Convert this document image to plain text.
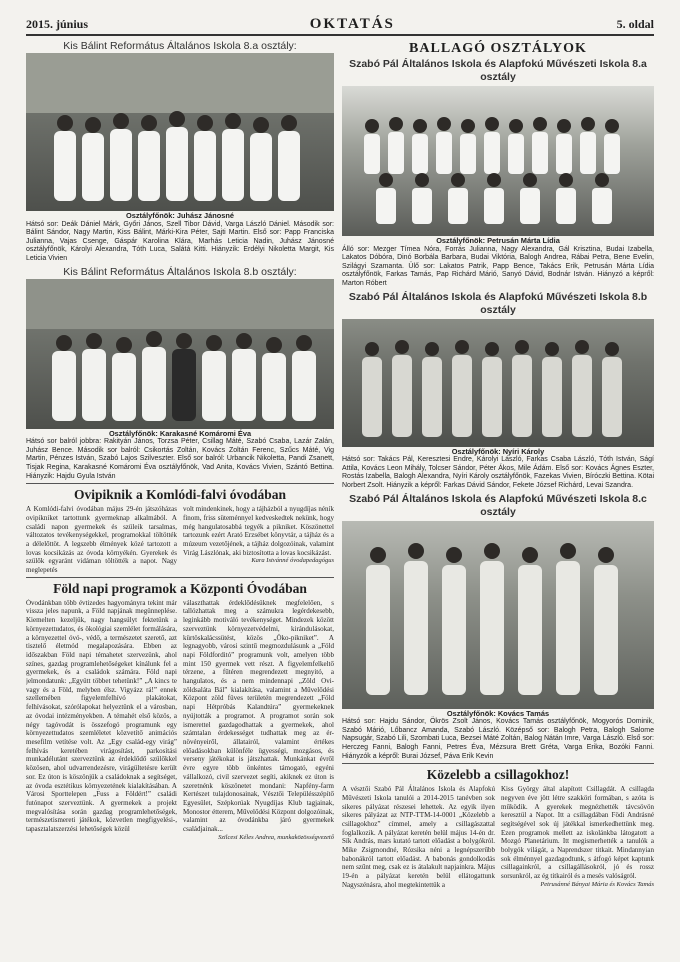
2015. június	OKTATÁS	5. oldal

Kis Bálint Református Általános Iskola 8.a osztály:

Osztályfőnök: Juhász Jánosné
Hátsó sor: Deák Dániel Márk, Győri János, Szell Tibor Dávid, Varga László Dániel. Második sor: Bálint Sándor, Nagy Martin, Kiss Bálint, Márki-Kira Péter, Sajti Martin. Első sor: Papp Franciska Julianna, Vajas Csenge, Gáspár Karolina Klára, Marhás Leticia Nadin, Juhász Jánosné osztályfőnök, Károlyi Alexandra, Tóth Luca, Salátá Kitti. Hiányzik: Erdélyi Nikoletta Margit, Kis Leticia Vivien

Kis Bálint Református Általános Iskola 8.b osztály:

Osztályfőnök: Karakasné Komáromi Éva
Hátsó sor balról jobbra: Rakityán János, Torzsa Péter, Csillag Máté, Szabó Csaba, Lazár Zalán, Juhász Bence. Második sor balról: Csikortás Zoltán, Kovács Zoltán Ferenc, Szűcs Máté, Vig Martin, Pénzes István, Szabó Lajos Szilveszter. Első sor balról: Urbancik Nikoletta, Pandi Zsanett, Tisjak Regina, Karakasné Komáromi Éva osztályfőnök, Vad Anita, Kovács Vivien, Szántó Bettina. Hiányzik: Hajdu Gyula István

Ovipiknik a Komlódi-falvi óvodában

A Komlódi-falvi óvodában május 29-én játszóházas ovipikniket tartottunk gyermeknap alkalmából. A családi napon gyermekek és szüleik tarsalmas, változatos tevékenységekkel, programokkal töltötték a délelőttöt. A legszebb élmények közé tartozott a lovas kocsikázás az óvoda környékén. Gyerekek és szülők egyaránt vidáman töltötték a napot. Nagy meglepetés

volt mindenkinek, hogy a tájházból a nyugdíjas néník finom, friss süteménnyel kedveskedtek nekünk, hogy még hangulatosabbá tegyék a pikniket. Köszönettel tartozunk ezért Arató Erzsébet könyvtár, a tájház és a múzeum vezetőjének, a tájház dolgozóinak, valamint Virág Lászlónak, aki biztosította a lovas kocsikázást.
Kara Istvánné óvodapedagógus

Föld napi programok a Központi Óvodában

Óvodánkban több évtizedes hagyományra tekint már vissza jeles napunk, a Föld napjának megünneplése. Kiemelten kezeljük, nagy hangsúlyt fektetünk a környezettudatos, és ökológiai szemlélet formálására, a környezettel óvó-, védő, a természetet szerető, azt tisztelő életmód megalapozására. Ebben az időszakban Föld napi témahetet szervezünk, ahol színes, gazdag programlehetőségeket kínálunk fel a gyermekek, és a családok számára. Föld napi jelmondatunk: „Együtt többet tehetünk!” „A kincs te vagy és a Föld, melyben élsz. Vigyázz rá!” ennek szellemében figyelemfelhívó plakátokat, felhívásokat, szórólapokat helyeztünk el a városban, az óvodai intézményekben. A témahét első közös, a négy tagóvodát is összefogó programunk egy környezettudatos szemléletet közvetítő animációs mesefilm vetítése volt. Az „Egy család-egy virág” felhívás keretében virágosítást, parkosítási munkadélutánt szerveztünk az érdeklődő szülőkkel közösen, ahol udvarrendezésre, virágültetésre került sor. Ez úton is köszönjük a családoknak a segítséget, az óvoda esztétikus környezetének kialakításában. A Városi Sportteleрen „Fuss a Földért!” családi futónapot szerveztünk. A gyermekek a projekt megvalósítása során gazdag programlehetőségek, természetismereti játékok, közvetlen megfigyelési-, tapasztalatszerzési lehetőségek közül

választhattak érdeklődésüknek megfelelően, s tallózhattak meg a számukra legérdekesebb, leginkább motiváló tevékenységet. Mindezek között szerveztünk környezetvédelmi, kirándulásokat, kürtöskalácssütést, közös „Öko-pikniket”. A legnagyobb, városi szintű megmozdulásunk a „Föld napi Földforditó” programunk volt, amelyen több mint 150 gyermek vett részt. A figyelemfelkeltő térzene, a fűtéren megrendezett megnyitó, a hangulatos, és a nem mindennapi „Zöld Ovi-zöldsaláta Bál” kialakítása, valamint a Művelődési Központ zöld füves területén megrendezett „Föld napi Hétpróbás Kalandtúra” gyermekeknek nyújtották a programot. A programot során sok ismerettel gazdagodhattak a gyermekek, ahol számtalan érdekességet tudhattak meg az ér- növényeiről, állatairól, valamint értékes előadásokban különféle ügyességi, mozgásos, és verseny játékokat is játszhattak. Munkánkat évről évre egyre több önkéntes támogató, egyéni vállalkozó, civil szervezet segíti, akiknek ez úton is szeretnénk köszönetet mondani: Napfény-farm Kertészet tulajdonosainak, Vésztői Településszépítő Egyesület, Szépkorúak Nyugdíjas Klub tagjainak, Monostor étterem, Művelődési Központ dolgozóinak, valamint az óvodánkba járó gyermekek családjainak...
Szilcesi Kéles Andrea, munkaközösségvezető

BALLAGÓ OSZTÁLYOK

Szabó Pál Általános Iskola és Alapfokú Művészeti Iskola 8.a osztály

Osztályfőnök: Petrusán Márta Lídia
Álló sor: Mezger Tímea Nóra, Forrás Julianna, Nagy Alexandra, Gál Krisztina, Budai Izabella, Lakatos Dóbóra, Dinó Borbála Barbara, Budai Viktória, Balogh Andrea, Rábai Petra, Bene Evelin, Szilágyi Szamanta. Ülő sor: Lakatos Patrik, Papp Bence, Takács Erik, Petrusán Márta Lídia osztályfőnök, Farkas Tamás, Pap Richárd Márió, Sanyó Dávid, Bodnár István. Hiányzó a képről: Marton Róbert

Szabó Pál Általános Iskola és Alapfokú Művészeti Iskola 8.b osztály

Osztályfőnök: Nyíri Károly
Hátsó sor: Takács Pál, Keresztesi Endre, Károlyi László, Farkas Csaba László, Tóth István, Ságí Attila, Kovács Leon Mihály, Tolcser Sándor, Péter Ákos, Mile Ádám. Első sor: Kovács Ágnes Eszter, Rostás Izabella, Balogh Alexandra, Nyíri Károly osztályfőnök, Fazekas Vivien, Bíróczki Bettina. Kötai Norbert Zsolt. Hiányzik a képről: Farkas Dávid Sándor, Fekete József Richárd, Levai Szandra.

Szabó Pál Általános Iskola és Alapfokú Művészeti Iskola 8.c osztály

Osztályfőnök: Kovács Tamás
Hátsó sor: Hajdu Sándor, Ökrös Zsolt János, Kovács Tamás osztályfőnök, Mogyorós Dominik, Szabó Márió, Lőbancz Amanda, Szabó László. Középső sor: Balogh Petra, Balogh Salome Napsugár, Szabó Lili, Szombati Luca, Bezsei Máté Zoltán, Balog Nátán Imre, Varga László. Első sor: Herczeg Fanni, Balogh Fanni, Petres Éva, Mézsura Brett Gréta, Varga Erika, Bozóki Fanni. Hiányzók a képről: Burai József, Páva Erik Kevin

Közelebb a csillagokhoz!

A vésztői Szabó Pál Általános Iskola és Alapfokú Művészeti Iskola tanulói a 2014-2015 tanévben sok sikeres pályázat részesei lehettek. Az egyik ilyen sikeres pályázat az NTP-TTM-14-0001 „Közelebb a csillagokhoz” címmel, amely a csillagászattal foglalkozik. A pályázat keretén belül május 14-én dr. Sík András, mars kutató tartott előadást a bolygókról. Mike Zsigmondné, Rózsika néni a legnépszerűbb babonákról tartott előadást. A babonás gondolkodás nem szűnt meg, csak ez is átalakult napjainkra. Május 19-én a pályázat keretén belül ellátogattunk Nagyszénásra, ahol megtekintettük a

Kiss György által alapított Csillagdát. A csillagda negyven éve jött létre szakköri formában, s azóta is működik. A gyerekek megnézhették távcsövön keresztül a Napot. Itt a csillagdában Födi Andrásné segítségével sok új játékkal ismerkedhettünk meg. Ezen programok mellett az iskolánkba látogatott a Mozgó Planetárium. Itt megismerhették a tanulók a bolygók világát, a Naprendszer titkait. Mindannyian sok élménnyel gazdagodtunk, s átfogó képet kaptunk csillagainkról, a csillagállásokról, jó és rossz sorsunkról, az ég titkairól és a mesés valóságról.
Petrusánné Bányai Mária és Kovács Tamás
